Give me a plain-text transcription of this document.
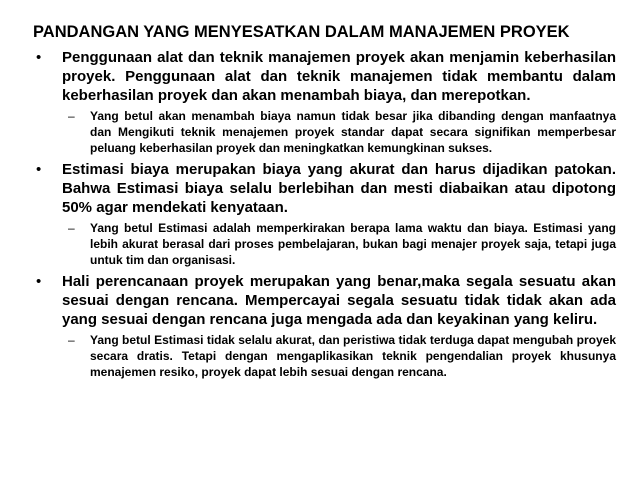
PANDANGAN YANG MENYESATKAN DALAM MANAJEMEN PROYEK
• Penggunaan alat dan teknik manajemen proyek akan menjamin keberhasilan proyek. Penggunaan alat dan teknik manajemen tidak membantu dalam keberhasilan proyek dan akan menambah biaya, dan merepotkan.

– Yang betul akan menambah biaya namun tidak besar jika dibanding dengan manfaatnya dan Mengikuti teknik menajemen proyek standar dapat secara signifikan memperbesar peluang keberhasilan proyek dan meningkatkan kemungkinan sukses.

• Estimasi biaya merupakan biaya yang akurat dan harus dijadikan patokan. Bahwa Estimasi biaya selalu berlebihan dan mesti diabaikan atau dipotong 50% agar mendekati kenyataan.

– Yang betul Estimasi adalah memperkirakan berapa lama waktu dan biaya. Estimasi yang lebih akurat berasal dari proses pembelajaran, bukan bagi menajer proyek saja, tetapi juga untuk tim dan organisasi.

• Hali perencanaan proyek merupakan yang benar,maka segala sesuatu akan sesuai dengan rencana. Mempercayai segala sesuatu tidak tidak akan ada yang sesuai dengan rencana juga mengada ada dan keyakinan yang keliru.

– Yang betul Estimasi tidak selalu akurat, dan peristiwa tidak terduga dapat mengubah proyek secara dratis. Tetapi dengan mengaplikasikan teknik pengendalian proyek khusunya menajemen resiko, proyek dapat lebih sesuai dengan rencana.
